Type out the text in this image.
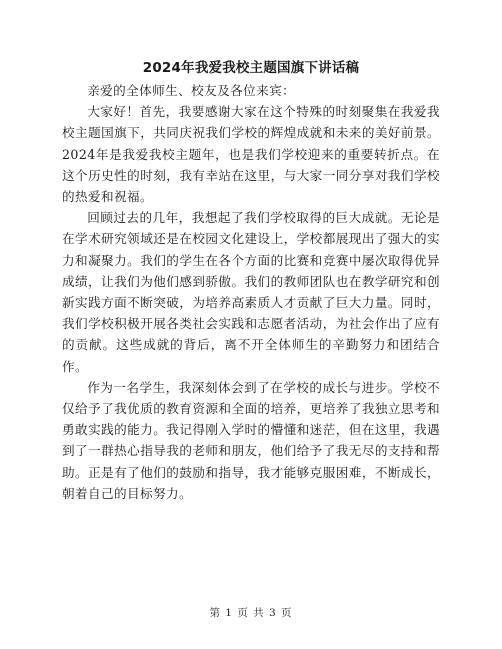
2024年我爱我校主题国旗下讲话稿

亲爱的全体师生、校友及各位来宾：

大家好！首先，我要感谢大家在这个特殊的时刻聚集在我爱我校主题国旗下，共同庆祝我们学校的辉煌成就和未来的美好前景。2024年是我爱我校主题年，也是我们学校迎来的重要转折点。在这个历史性的时刻，我有幸站在这里，与大家一同分享对我们学校的热爱和祝福。

回顾过去的几年，我想起了我们学校取得的巨大成就。无论是在学术研究领域还是在校园文化建设上，学校都展现出了强大的实力和凝聚力。我们的学生在各个方面的比赛和竞赛中屡次取得优异成绩，让我们为他们感到骄傲。我们的教师团队也在教学研究和创新实践方面不断突破，为培养高素质人才贡献了巨大力量。同时，我们学校积极开展各类社会实践和志愿者活动，为社会作出了应有的贡献。这些成就的背后，离不开全体师生的辛勤努力和团结合作。

作为一名学生，我深刻体会到了在学校的成长与进步。学校不仅给予了我优质的教育资源和全面的培养，更培养了我独立思考和勇敢实践的能力。我记得刚入学时的懵懂和迷茫，但在这里，我遇到了一群热心指导我的老师和朋友，他们给予了我无尽的支持和帮助。正是有了他们的鼓励和指导，我才能够克服困难，不断成长，朝着自己的目标努力。

第 1 页 共 3 页
